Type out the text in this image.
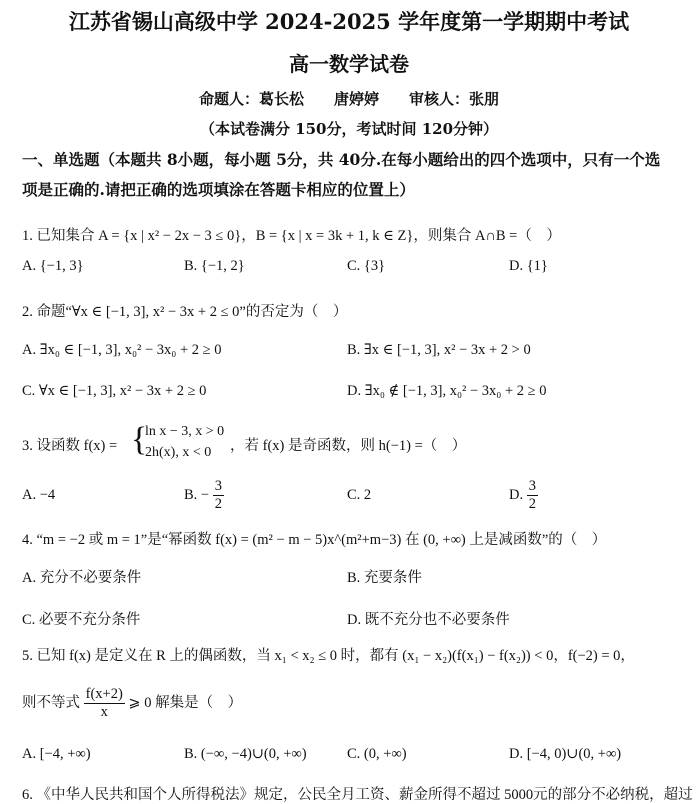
江苏省锡山高级中学 2024-2025 学年度第一学期期中考试
高一数学试卷
命题人：葛长松　　唐婷婷　　审核人：张朋
（本试卷满分 150分，考试时间 120分钟）
一、单选题（本题共 8小题，每小题 5分，共 40分.在每小题给出的四个选项中，只有一个选
项是正确的.请把正确的选项填涂在答题卡相应的位置上）
1. 已知集合 A = {x | x² − 2x − 3 ≤ 0}，B = {x | x = 3k + 1, k ∈ Z}，则集合 A∩B =（　）
A. {−1, 3}	B. {−1, 2}	C. {3}	D. {1}
2. 命题“∀x ∈ [−1, 3], x² − 3x + 2 ≤ 0”的否定为（　）
A. ∃x₀ ∈ [−1, 3], x₀² − 3x₀ + 2 ≥ 0	B. ∃x ∈ [−1, 3], x² − 3x + 2 > 0
C. ∀x ∈ [−1, 3], x² − 3x + 2 ≥ 0	D. ∃x₀ ∉ [−1, 3], x₀² − 3x₀ + 2 ≥ 0
3. 设函数 f(x) = {
ln x − 3, x > 0
2h(x), x < 0 ，若 f(x) 是奇函数，则 h(−1) =（　）
A. −4	B. − $\frac{3}{2}$	C. 2	D. $\frac{3}{2}$
4. “m = −2 或 m = 1”是“幂函数 f(x) = (m² − m − 5)x^(m²+m−3) 在 (0, +∞) 上是减函数”的（　）
A. 充分不必要条件	B. 充要条件
C. 必要不充分条件	D. 既不充分也不必要条件
5. 已知 f(x) 是定义在 R 上的偶函数，当 x₁ < x₂ ≤ 0 时，都有 (x₁ − x₂)(f(x₁) − f(x₂)) < 0，f(−2) = 0，
则不等式 $\frac{f(x+2)}{x}$ ⩾ 0 解集是（　）
A. [−4, +∞)	B. (−∞, −4)∪(0, +∞)	C. (0, +∞)	D. [−4, 0)∪(0, +∞)
6. 《中华人民共和国个人所得税法》规定，公民全月工资、薪金所得不超过 5000元的部分不必纳税，超过
